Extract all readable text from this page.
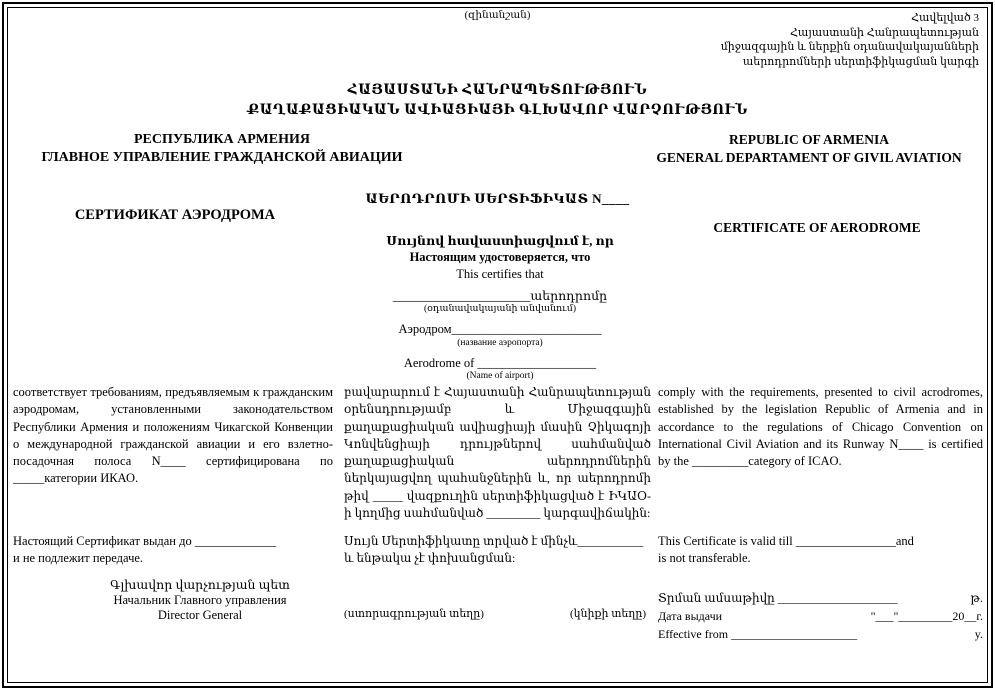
(զինանշան)	Հավելված 3
Հայաստանի Հանրապետության
միջազգային և ներքին օդանավակայանների
աերոդրոմների սերտիֆիկացման կարգի
ՀԱՅԱՍՏԱՆԻ ՀԱՆՐԱՊԵՏՈՒԹՅՈՒՆ
ՔԱՂԱՔԱՑԻԱԿԱՆ ԱՎԻԱՑԻԱՅԻ ԳԼԽԱՎՈՐ ՎԱՐՉՈՒԹՅՈՒՆ
РЕСПУБЛИКА АРМЕНИЯ
ГЛАВНОЕ УПРАВЛЕНИЕ ГРАЖДАНСКОЙ АВИАЦИИ
REPUBLIC OF ARMENIA
GENERAL DEPARTAMENT OF GIVIL AVIATION
ԱԵՐՈԴՐՈՄԻ ՍԵՐՏԻՖԻԿԱՏ N____
СЕРТИФИКАТ АЭРОДРОМА
CERTIFICATE OF AERODROME
Սույնով հավաստիացվում է, որ
Настоящим удостоверяется, что
This certifies that
______________________աերոդրոմը
(օդանավակայանի անվանում)
Аэродром________________________
(название аэропорта)
Aerodrome of ___________________
(Name of airport)
соответствует требованиям, предъявляемым к гражданским аэродромам, установленными законодательством Республики Армения и положениям Чикагской Конвенции о международной гражданской авиации и его взлетно-посадочная полоса N____ сертифицирована по _____категории ИКАО.
բավարարում է Հայաստանի Հանրապետության օրենսդրությամբ և Միջազգային քաղաքացիական ավիացիայի մասին Չիկագոյի Կոնվենցիայի դրույթներով սահմանված քաղաքացիական աերոդրոմներին ներկայացվող պահանջներին և, որ աերոդրոմի թիվ _____ վազքուղին սերտիֆիկացված է ԻԿԱՕ-ի կողմից սահմանված _________ կարգավիճակին:
comply with the requirements, presented to civil acrodromes, established by the legislation Republic of Armenia and in accordance to the regulations of Chicago Convention on International Civil Aviation and its Runway N____ is certified by the _________category of ICAO.
Настоящий Сертификат выдан до _____________
и не подлежит передаче.
Սույն Սերտիֆիկատը տրված է մինչև___________
և ենթակա չէ փոխանցման:
This Certificate is valid till ________________and
is not transferable.
Գլխավոր վարչության պետ
Начальник Главного управления
Director General	(ստորագրության տեղը)	(կնիքի տեղը)
Տրման ամսաթիվը ____________________	թ.
Дата выдачи	"___"_________20__г.
Effective from _____________________	y.
